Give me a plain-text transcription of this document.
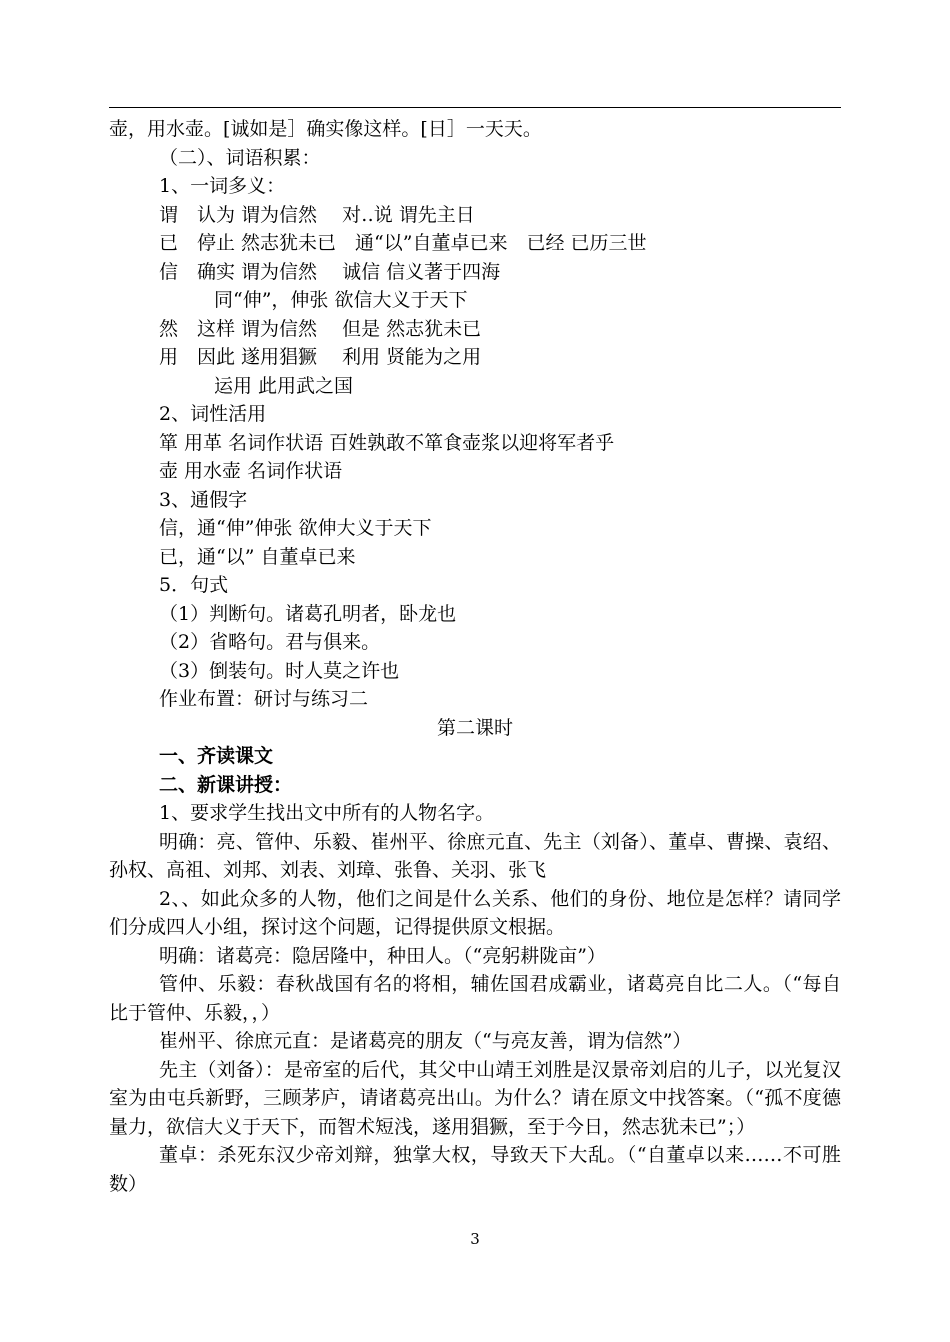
壶，用水壶。[诚如是］确实像这样。[日］一天天。

（二）、词语积累：

1、一词多义：

谓　认为 谓为信然　 对‥说 谓先主日

已　停止 然志犹未已　通“以”自董卓已来　已经 已历三世

信　确实 谓为信然　 诚信 信义著于四海

同“伸”，伸张 欲信大义于天下

然　这样 谓为信然　 但是 然志犹未已

用　因此 遂用猖獗　 利用 贤能为之用

运用 此用武之国

2、词性活用

箪 用革 名词作状语 百姓孰敢不箪食壶浆以迎将军者乎

壶 用水壶 名词作状语

3、通假字

信，通“伸”伸张 欲伸大义于天下

已，通“以” 自董卓已来

5．句式

（1）判断句。诸葛孔明者，卧龙也

（2）省略句。君与俱来。

（3）倒装句。时人莫之许也

作业布置：研讨与练习二

第二课时

一、齐读课文

二、新课讲授：

1、要求学生找出文中所有的人物名字。

明确：亮、管仲、乐毅、崔州平、徐庶元直、先主（刘备）、董卓、曹操、袁绍、孙权、高祖、刘邦、刘表、刘璋、张鲁、关羽、张飞

2、、如此众多的人物，他们之间是什么关系、他们的身份、地位是怎样？请同学们分成四人小组，探讨这个问题，记得提供原文根据。

明确：诸葛亮：隐居隆中，种田人。（“亮躬耕陇亩”）

管仲、乐毅：春秋战国有名的将相，辅佐国君成霸业，诸葛亮自比二人。（“每自比于管仲、乐毅，，）

崔州平、徐庶元直：是诸葛亮的朋友（“与亮友善，谓为信然”）

先主（刘备）：是帝室的后代，其父中山靖王刘胜是汉景帝刘启的儿子，以光复汉室为由屯兵新野，三顾茅庐，请诸葛亮出山。为什么？请在原文中找答案。（“孤不度德量力，欲信大义于天下，而智术短浅，遂用猖獗，至于今日，然志犹未已”；）

董卓：杀死东汉少帝刘辩，独掌大权，导致天下大乱。（“自董卓以来……不可胜数）

3
